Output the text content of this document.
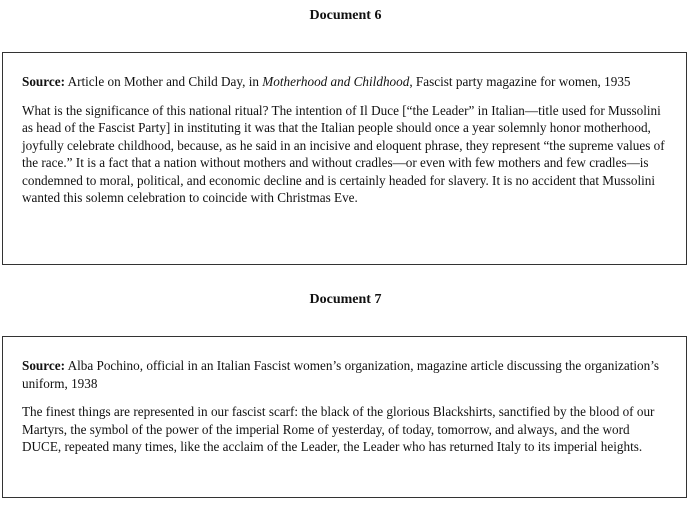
Document 6

Source: Article on Mother and Child Day, in Motherhood and Childhood, Fascist party magazine for women, 1935

What is the significance of this national ritual? The intention of Il Duce [“the Leader” in Italian—title used for Mussolini as head of the Fascist Party] in instituting it was that the Italian people should once a year solemnly honor motherhood, joyfully celebrate childhood, because, as he said in an incisive and eloquent phrase, they represent “the supreme values of the race.” It is a fact that a nation without mothers and without cradles—or even with few mothers and few cradles—is condemned to moral, political, and economic decline and is certainly headed for slavery. It is no accident that Mussolini wanted this solemn celebration to coincide with Christmas Eve.

Document 7

Source: Alba Pochino, official in an Italian Fascist women’s organization, magazine article discussing the organization’s uniform, 1938

The finest things are represented in our fascist scarf: the black of the glorious Blackshirts, sanctified by the blood of our Martyrs, the symbol of the power of the imperial Rome of yesterday, of today, tomorrow, and always, and the word DUCE, repeated many times, like the acclaim of the Leader, the Leader who has returned Italy to its imperial heights.
